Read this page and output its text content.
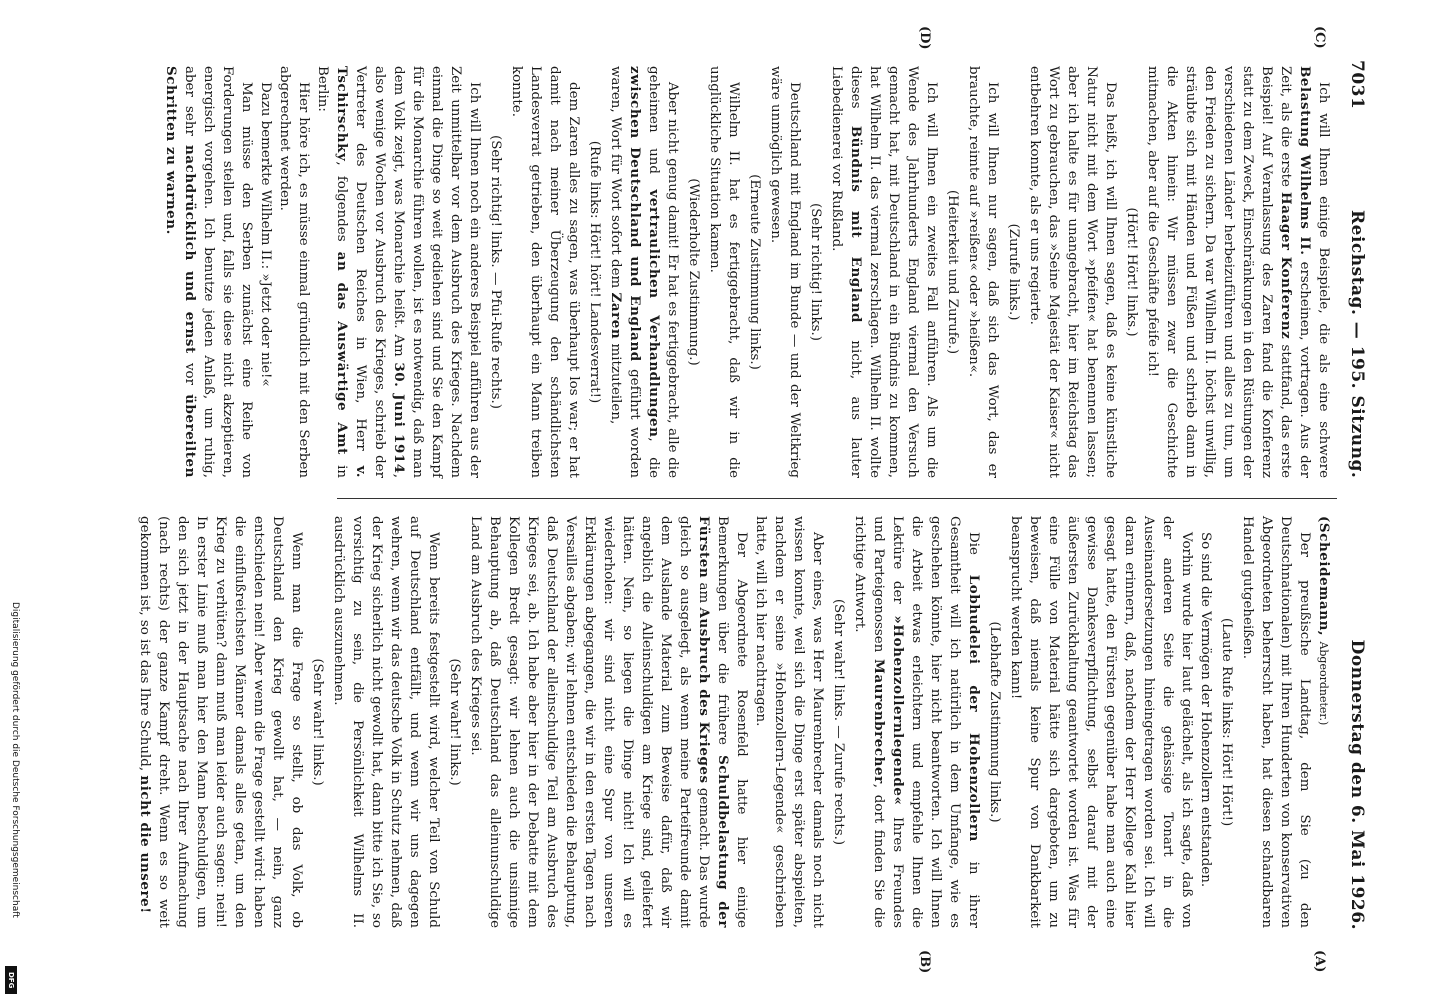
7031
Reichstag. — 195. Sitzung.
Donnerstag den 6. Mai 1926.
(C)
(D)
(A)
(B)

Ich will Ihnen einige Beispiele, die als eine schwere Belastung Wilhelms II. erscheinen, vortragen. Aus der Zeit, als die erste Haager Konferenz stattfand, das erste Beispiel! Auf Veranlassung des Zaren fand die Konferenz statt zu dem Zweck, Einschränkungen in den Rüstungen der verschiedenen Länder herbeizuführen und alles zu tun, um den Frieden zu sichern. Da war Wilhelm II. höchst unwillig, sträubte sich mit Händen und Füßen und schrieb dann in die Akten hinein: Wir müssen zwar die Geschichte mitmachen, aber auf die Geschäfte pfeife ich!

(Hört! Hört! links.)

Das heißt, ich will Ihnen sagen, daß es keine künstliche Natur nicht mit dem Wort »pfeifen« hat benennen lassen; aber ich halte es für unangebracht, hier im Reichstag das Wort zu gebrauchen, das »Seine Majestät der Kaiser« nicht entbehren konnte, als er uns regierte.

(Zurufe links.)

Ich will Ihnen nur sagen, daß sich das Wort, das er brauchte, reimte auf »reißen« oder »heißen«.

(Heiterkeit und Zurufe.)

Ich will Ihnen ein zweites Fall anführen. Als um die Wende des Jahrhunderts England viermal den Versuch gemacht hat, mit Deutschland in ein Bündnis zu kommen, hat Wilhelm II. das viermal zerschlagen. Wilhelm II. wollte dieses Bündnis mit England nicht, aus lauter Liebedienerei vor Rußland.

(Sehr richtig! links.)

Deutschland mit England im Bunde — und der Weltkrieg wäre unmöglich gewesen.

(Erneute Zustimmung links.)

Wilhelm II. hat es fertiggebracht, daß wir in die unglückliche Situation kamen.

(Wiederholte Zustimmung.)

Aber nicht genug damit! Er hat es fertiggebracht, alle die geheimen und vertraulichen Verhandlungen, die zwischen Deutschland und England geführt worden waren, Wort für Wort sofort dem Zaren mitzuteilen,

(Rufe links: Hört! hört! Landesverrat!)

dem Zaren alles zu sagen, was überhaupt los war; er hat damit nach meiner Überzeugung den schändlichsten Landesverrat getrieben, den überhaupt ein Mann treiben konnte.

(Sehr richtig! links. — Pfui-Rufe rechts.)

Ich will Ihnen noch ein anderes Beispiel anführen aus der Zeit unmittelbar vor dem Ausbruch des Krieges. Nachdem einmal die Dinge so weit gediehen sind und Sie den Kampf für die Monarchie führen wollen, ist es notwendig, daß man dem Volk zeigt, was Monarchie heißt. Am 30. Juni 1914, also wenige Wochen vor Ausbruch des Krieges, schrieb der Vertreter des Deutschen Reiches in Wien, Herr v. Tschirschky, folgendes an das Auswärtige Amt in Berlin:

Hier höre ich, es müsse einmal gründlich mit den Serben abgerechnet werden.

Dazu bemerkte Wilhelm II.: »Jetzt oder nie!«

Man müsse den Serben zunächst eine Reihe von Forderungen stellen und, falls sie diese nicht akzeptieren, energisch vorgehen. Ich benutze jeden Anlaß, um ruhig, aber sehr nachdrücklich und ernst vor übereilten Schritten zu warnen.

(Scheidemann, Abgeordneter.)

Der preußische Landtag, dem Sie (zu den Deutschnationalen) mit Ihren Hunderten von konservativen Abgeordneten beherrscht haben, hat diesen schandbaren Handel gutgeheißen.

(Laute Rufe links: Hört! Hört!)

So sind die Vermögen der Hohenzollern entstanden.

Vorhin wurde hier laut gelächelt, als ich sagte, daß von der anderen Seite die gehässige Tonart in die Auseinandersetzungen hineingetragen worden sei. Ich will daran erinnern, daß, nachdem der Herr Kollege Kahl hier gesagt hatte, den Fürsten gegenüber habe man auch eine gewisse Dankesverpflichtung, selbst darauf mit der äußersten Zurückhaltung geantwortet worden ist. Was für eine Fülle von Material hätte sich dargeboten, um zu beweisen, daß niemals keine Spur von Dankbarkeit beansprucht werden kann!

(Lebhafte Zustimmung links.)

Die Lobhudelei der Hohenzollern in ihrer Gesamtheit will ich natürlich in dem Umfange, wie es geschehen könnte, hier nicht beantworten. Ich will Ihnen die Arbeit etwas erleichtern und empfehle Ihnen die Lektüre der »Hohenzollernlegende« Ihres Freundes und Parteigenossen Maurenbrecher, dort finden Sie die richtige Antwort.

(Sehr wahr! links. — Zurufe rechts.)

Aber eines, was Herr Maurenbrecher damals noch nicht wissen konnte, weil sich die Dinge erst später abspielten, nachdem er seine »Hohenzollern-Legende« geschrieben hatte, will ich hier nachtragen.

Der Abgeordnete Rosenfeld hatte hier einige Bemerkungen über die frühere Schuldbelastung der Fürsten am Ausbruch des Krieges gemacht. Das wurde gleich so ausgelegt, als wenn meine Parteifreunde damit dem Auslande Material zum Beweise dafür, daß wir angeblich die Alleinschuldigen am Kriege sind, geliefert hätten. Nein, so liegen die Dinge nicht! Ich will es wiederholen: wir sind nicht eine Spur von unseren Erklärungen abgegangen, die wir in den ersten Tagen nach Versailles abgaben; wir lehnen entschieden die Behauptung, daß Deutschland der alleinschuldige Teil am Ausbruch des Krieges sei, ab. Ich habe aber hier in der Debatte mit dem Kollegen Bredt gesagt: wir lehnen auch die unsinnige Behauptung ab, daß Deutschland das alleinunschuldige Land am Ausbruch des Krieges sei.

(Sehr wahr! links.)

Wenn bereits festgestellt wird, welcher Teil von Schuld auf Deutschland entfällt, und wenn wir uns dagegen wehren, wenn wir das deutsche Volk in Schutz nehmen, daß der Krieg sicherlich nicht gewollt hat, dann bitte ich Sie, so vorsichtig zu sein, die Persönlichkeit Wilhelms II. ausdrücklich auszunehmen.

(Sehr wahr! links.)

Wenn man die Frage so stellt, ob das Volk, ob Deutschland den Krieg gewollt hat, — nein, ganz entschieden nein! Aber wenn die Frage gestellt wird: haben die einflußreichsten Männer damals alles getan, um den Krieg zu verhüten? dann muß man leider auch sagen: nein! In erster Linie muß man hier den Mann beschuldigen, um den sich jetzt in der Hauptsache nach Ihrer Aufmachung (nach rechts) der ganze Kampf dreht. Wenn es so weit gekommen ist, so ist das Ihre Schuld, nicht die unsere!

Digitalisierung gefördert durch die Deutsche Forschungsgemeinschaft
DFG
